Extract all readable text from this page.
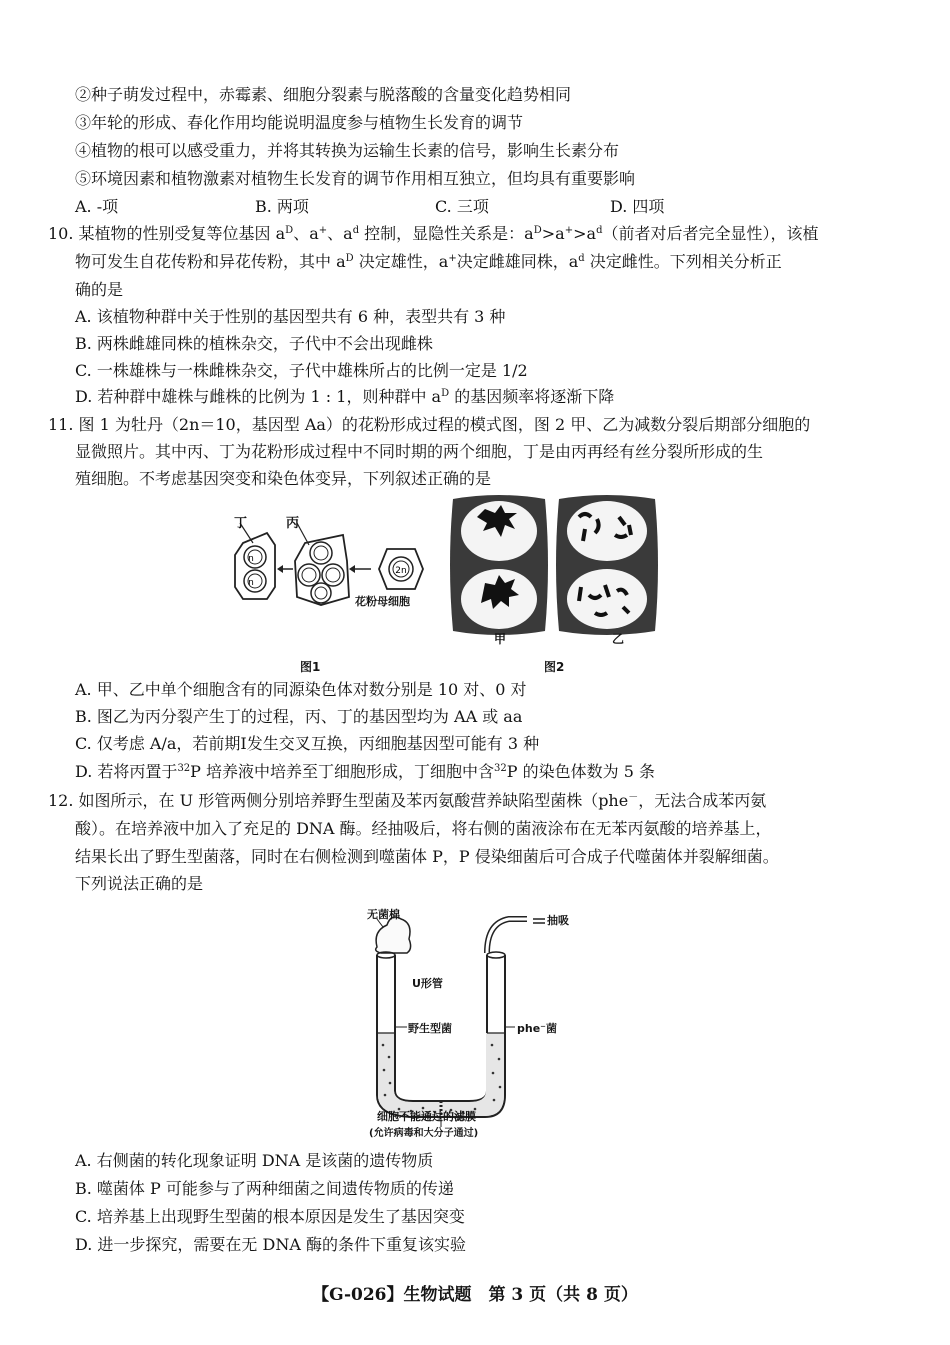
②种子萌发过程中，赤霉素、细胞分裂素与脱落酸的含量变化趋势相同
③年轮的形成、春化作用均能说明温度参与植物生长发育的调节
④植物的根可以感受重力，并将其转换为运输生长素的信号，影响生长素分布
⑤环境因素和植物激素对植物生长发育的调节作用相互独立，但均具有重要影响
A. -项	B. 两项	C. 三项	D. 四项
10. 某植物的性别受复等位基因 $a^D$、a+、$a^d$ 控制，显隐性关系是：$a^D>a^+>a^d$（前者对后者完全显性），该植
物可发生自花传粉和异花传粉，其中 $a^D$ 决定雄性，a+决定雌雄同株，$a^d$ 决定雌性。下列相关分析正
确的是
A. 该植物种群中关于性别的基因型共有 6 种，表型共有 3 种
B. 两株雌雄同株的植株杂交，子代中不会出现雌株
C. 一株雄株与一株雌株杂交，子代中雄株所占的比例一定是 1/2
D. 若种群中雄株与雌株的比例为 1 : 1，则种群中 $a^D$ 的基因频率将逐渐下降
11. 图 1 为牡丹（2n＝10，基因型 Aa）的花粉形成过程的模式图，图 2 甲、乙为减数分裂后期部分细胞的
显微照片。其中丙、丁为花粉形成过程中不同时期的两个细胞，丁是由丙再经有丝分裂所形成的生
殖细胞。不考虑基因突变和染色体变异，下列叙述正确的是
n
n
2n
丁	丙
花粉母细胞
图1
甲	乙
图2
A. 甲、乙中单个细胞含有的同源染色体对数分别是 10 对、0 对
B. 图乙为丙分裂产生丁的过程，丙、丁的基因型均为 AA 或 aa
C. 仅考虑 A/a，若前期Ⅰ发生交叉互换，丙细胞基因型可能有 3 种
D. 若将丙置于$^{32}$P 培养液中培养至丁细胞形成，丁细胞中含$^{32}$P 的染色体数为 5 条
12. 如图所示，在 U 形管两侧分别培养野生型菌及苯丙氨酸营养缺陷型菌株（phe－，无法合成苯丙氨
酸）。在培养液中加入了充足的 DNA 酶。经抽吸后，将右侧的菌液涂布在无苯丙氨酸的培养基上，
结果长出了野生型菌落，同时在右侧检测到噬菌体 P，P 侵染细菌后可合成子代噬菌体并裂解细菌。
下列说法正确的是
无菌棉	抽吸
U形管
野生型菌	phe⁻菌
细胞不能通过的滤膜
(允许病毒和大分子通过)
A. 右侧菌的转化现象证明 DNA 是该菌的遗传物质
B. 噬菌体 P 可能参与了两种细菌之间遗传物质的传递
C. 培养基上出现野生型菌的根本原因是发生了基因突变
D. 进一步探究，需要在无 DNA 酶的条件下重复该实验
【G-026】生物试题　第 3 页（共 8 页）
